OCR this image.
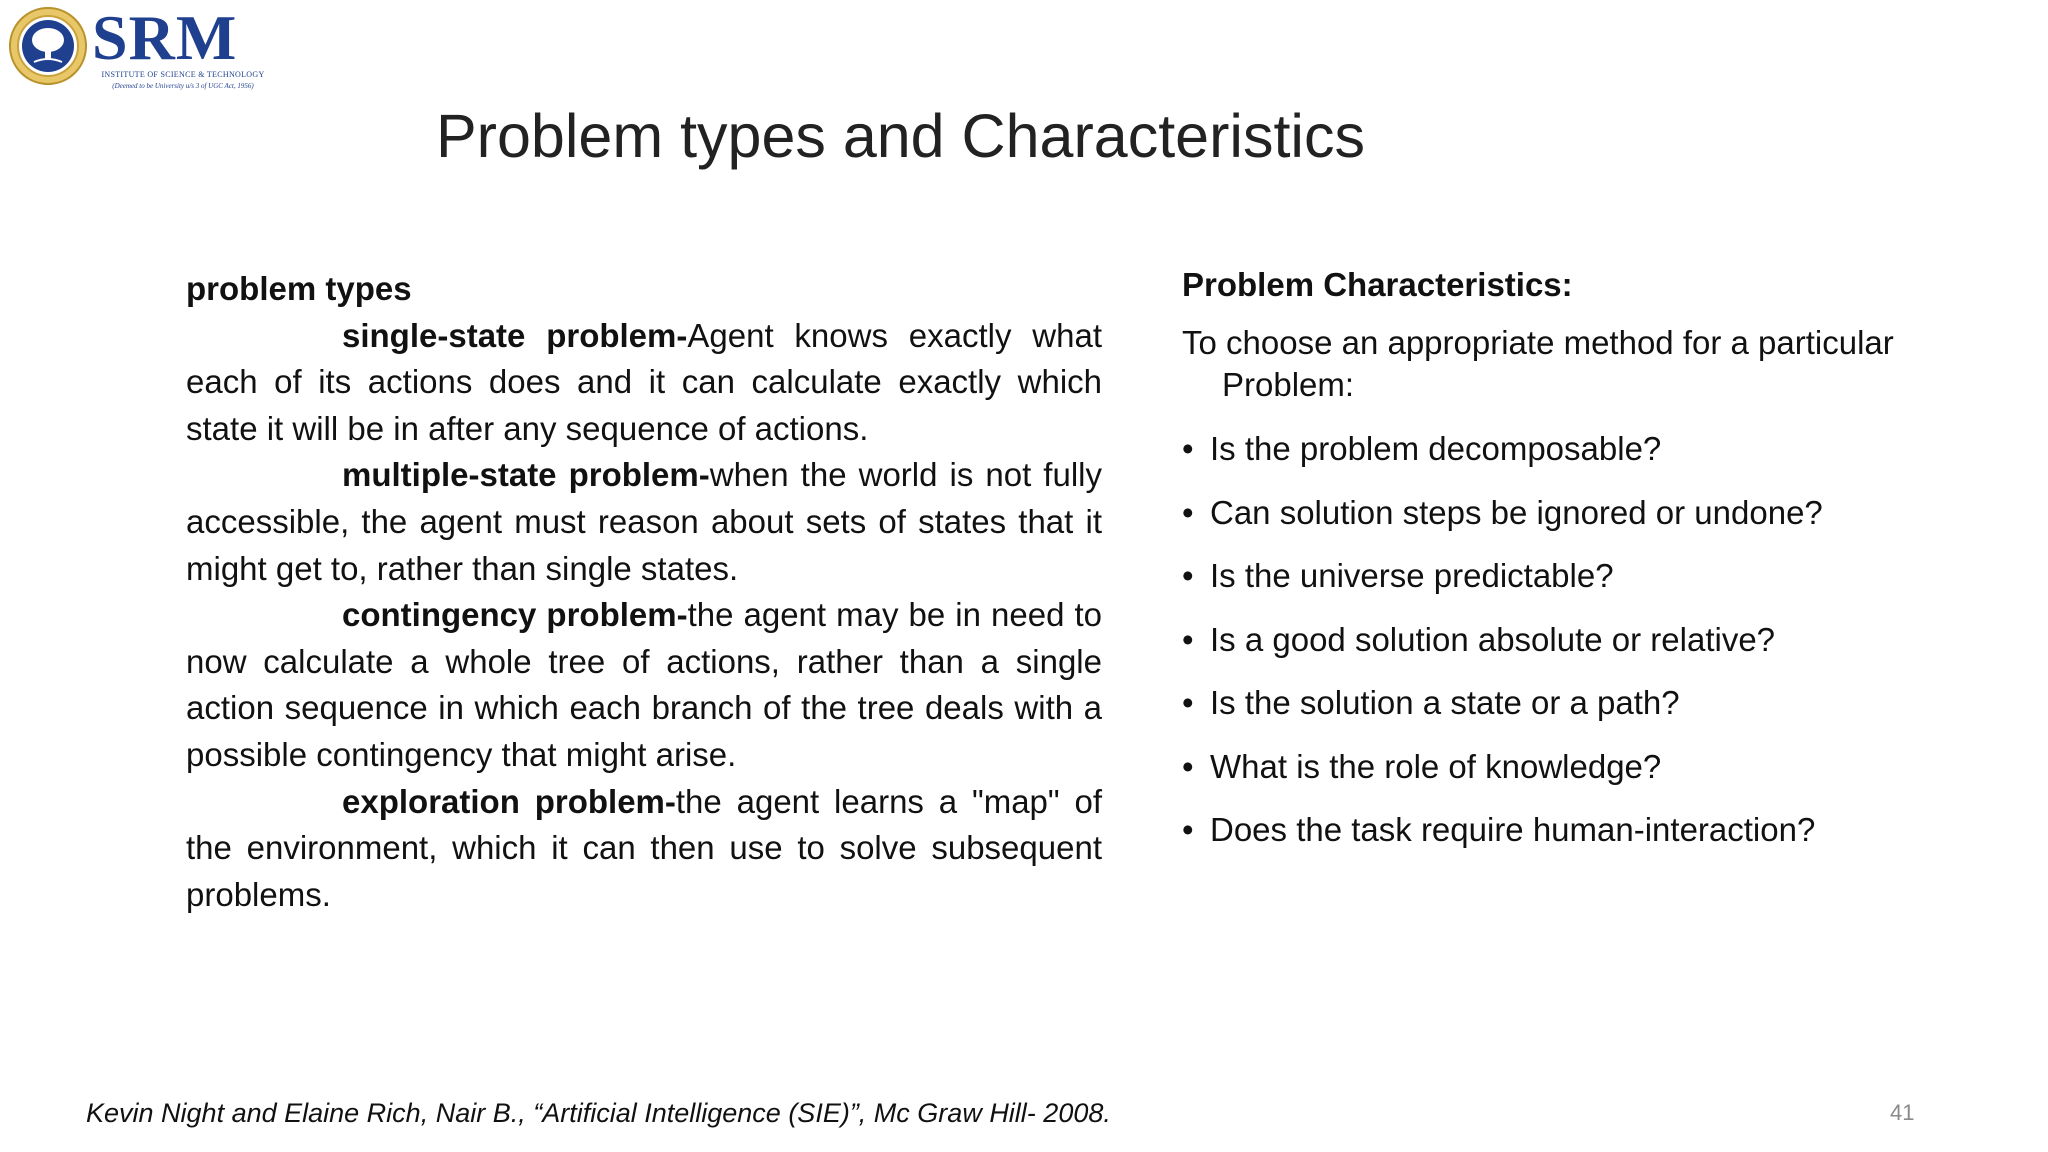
SRM
INSTITUTE OF SCIENCE & TECHNOLOGY
(Deemed to be University u/s 3 of UGC Act, 1956)
Problem types and Characteristics
problem types
single-state problem-Agent knows exactly what each of its actions does and it can calculate exactly which state it will be in after any sequence of actions.
multiple-state problem-when the world is not fully accessible, the agent must reason about sets of states that it might get to, rather than single states.
contingency problem-the agent may be in need to now calculate a whole tree of actions, rather than a single action sequence in which each branch of the tree deals with a possible contingency that might arise.
exploration problem-the agent learns a "map" of the environment, which it can then use to solve subsequent problems.
Problem Characteristics:
To choose an appropriate method for a particular Problem:
• Is the problem decomposable?
• Can solution steps be ignored or undone?
• Is the universe predictable?
• Is a good solution absolute or relative?
• Is the solution a state or a path?
• What is the role of knowledge?
• Does the task require human-interaction?
Kevin Night and Elaine Rich, Nair B., “Artificial Intelligence (SIE)”, Mc Graw Hill- 2008.	41
